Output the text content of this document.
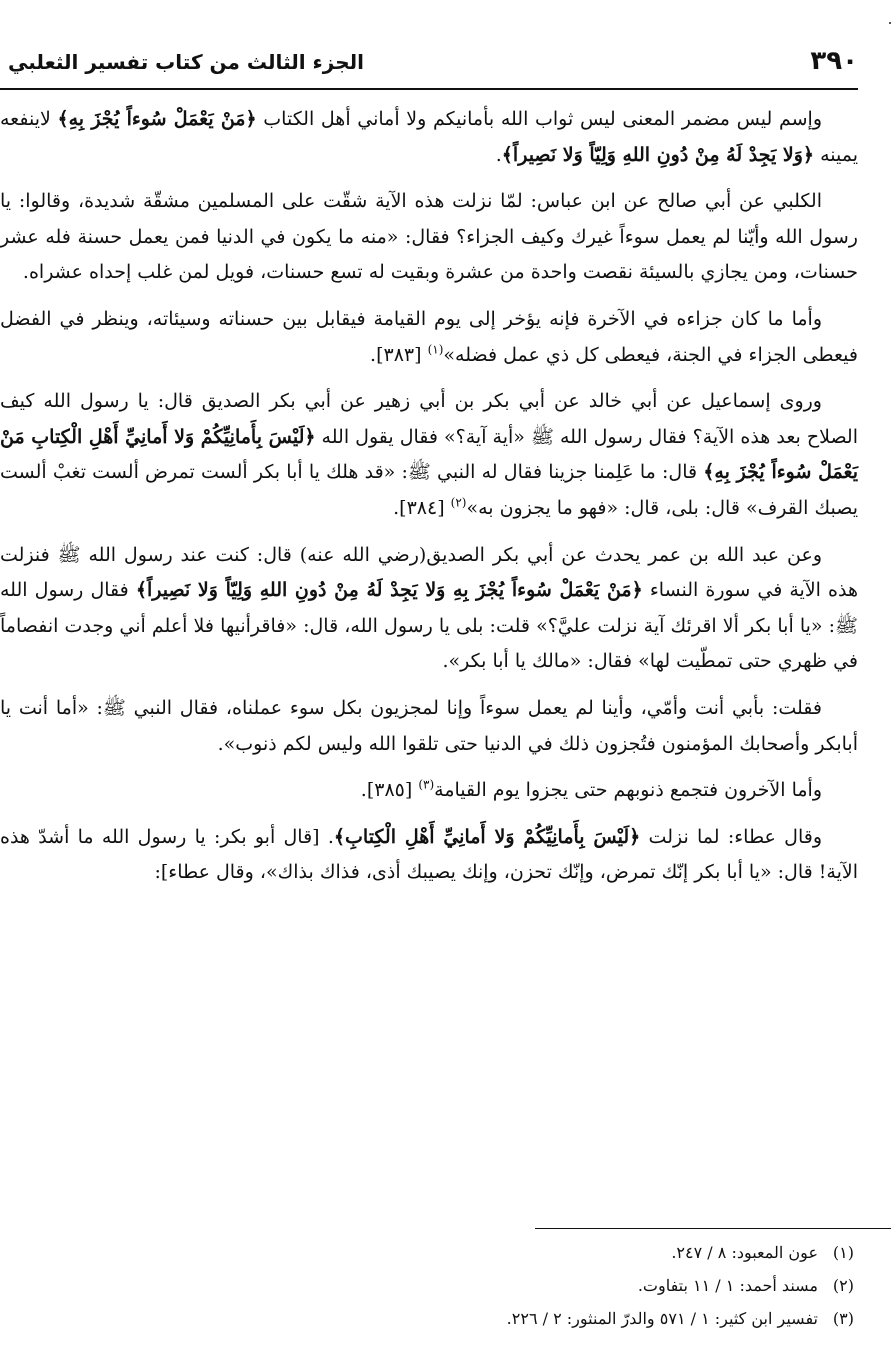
٣٩٠
الجزء الثالث من كتاب تفسير الثعلبي

وإسم ليس مضمر المعنى ليس ثواب الله بأمانيكم ولا أماني أهل الكتاب ﴿مَنْ يَعْمَلْ سُوءاً يُجْزَ بِهِ﴾ لاينفعه يمينه ﴿وَلا يَجِدْ لَهُ مِنْ دُونِ اللهِ وَلِيّاً وَلا نَصِيراً﴾.

الكلبي عن أبي صالح عن ابن عباس: لمّا نزلت هذه الآية شقّت على المسلمين مشقّة شديدة، وقالوا: يا رسول الله وأيّنا لم يعمل سوءاً غيرك وكيف الجزاء؟ فقال: «منه ما يكون في الدنيا فمن يعمل حسنة فله عشر حسنات، ومن يجازي بالسيئة نقصت واحدة من عشرة وبقيت له تسع حسنات، فويل لمن غلب إحداه عشراه.

وأما ما كان جزاءه في الآخرة فإنه يؤخر إلى يوم القيامة فيقابل بين حسناته وسيئاته، وينظر في الفضل فيعطى الجزاء في الجنة، فيعطى كل ذي عمل فضله»$^{(١)}$ [٣٨٣].

وروى إسماعيل عن أبي خالد عن أبي بكر بن أبي زهير عن أبي بكر الصديق قال: يا رسول الله كيف الصلاح بعد هذه الآية؟ فقال رسول الله ﷺ «أية آية؟» فقال يقول الله ﴿لَيْسَ بِأَمانِيِّكُمْ وَلا أَمانِيِّ أَهْلِ الْكِتابِ مَنْ يَعْمَلْ سُوءاً يُجْزَ بِهِ﴾ قال: ما عَلِمنا جزينا فقال له النبي ﷺ: «قد هلك يا أبا بكر ألست تمرض ألست تغبْ ألست يصبك القرف» قال: بلى، قال: «فهو ما يجزون به»$^{(٢)}$ [٣٨٤].

وعن عبد الله بن عمر يحدث عن أبي بكر الصديق(رضي الله عنه) قال: كنت عند رسول الله ﷺ فنزلت هذه الآية في سورة النساء ﴿مَنْ يَعْمَلْ سُوءاً يُجْزَ بِهِ وَلا يَجِدْ لَهُ مِنْ دُونِ اللهِ وَلِيّاً وَلا نَصِيراً﴾ فقال رسول الله ﷺ: «يا أبا بكر ألا اقرئك آية نزلت عليَّ؟» قلت: بلى يا رسول الله، قال: «فاقرأنيها فلا أعلم أني وجدت انفصاماً في ظهري حتى تمطّيت لها» فقال: «مالك يا أبا بكر».

فقلت: بأبي أنت وأمّي، وأينا لم يعمل سوءاً وإنا لمجزيون بكل سوء عملناه، فقال النبي ﷺ: «أما أنت يا أبابكر وأصحابك المؤمنون فتُجزون ذلك في الدنيا حتى تلقوا الله وليس لكم ذنوب».

وأما الآخرون فتجمع ذنوبهم حتى يجزوا يوم القيامة$^{(٣)}$ [٣٨٥].

وقال عطاء: لما نزلت ﴿لَيْسَ بِأَمانِيِّكُمْ وَلا أَمانِيِّ أَهْلِ الْكِتابِ﴾. [قال أبو بكر: يا رسول الله ما أشدّ هذه الآية! قال: «يا أبا بكر إنّك تمرض، وإنّك تحزن، وإنك يصيبك أذى، فذاك بذاك»، وقال عطاء]:

(١)عون المعبود: ٨ / ٢٤٧.
(٢)مسند أحمد: ١ / ١١ بتفاوت.
(٣)تفسير ابن كثير: ١ / ٥٧١ والدرّ المنثور: ٢ / ٢٢٦.
